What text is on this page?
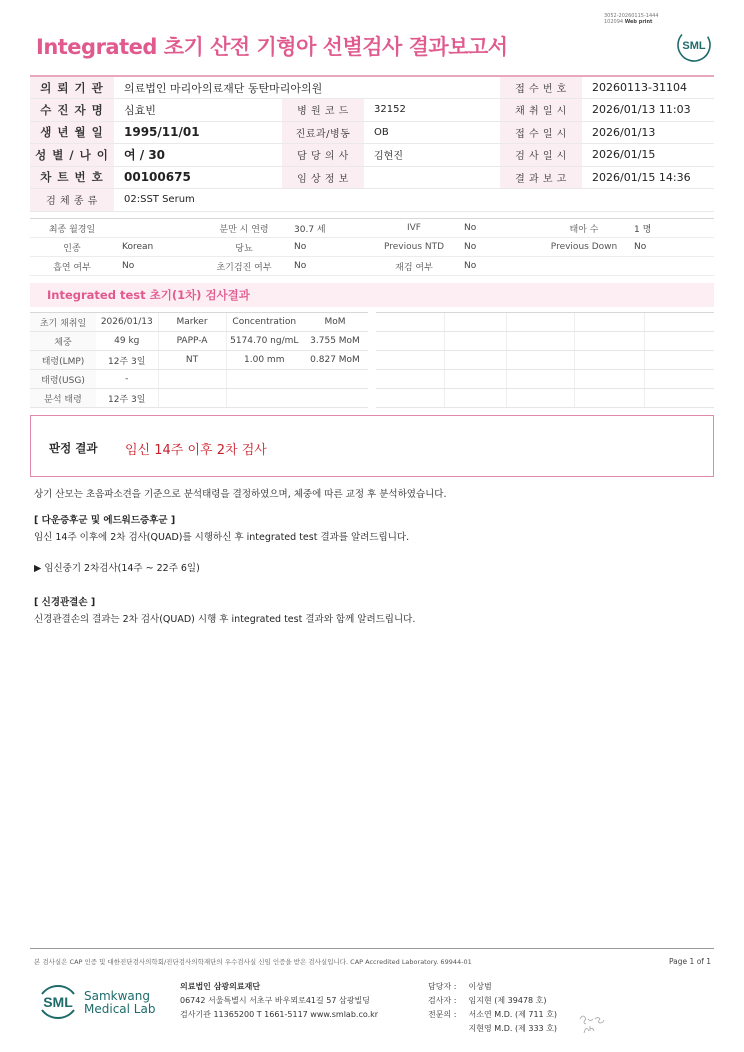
3052-20260115-1444
102094 Web print
Integrated 초기 산전 기형아 선별검사 결과보고서	SML
의 뢰 기 관	의료법인 마리아의료재단 동탄마리아의원			접 수 번 호	20260113-31104
수 진 자 명	심효빈	병 원 코 드	32152	채 취 일 시	2026/01/13 11:03
생 년 월 일	1995/11/01	진료과/병동	OB	접 수 일 시	2026/01/13
성 별 / 나 이	여 / 30	담 당 의 사	김현진	검 사 일 시	2026/01/15
차 트 번 호	00100675	임 상 정 보		결 과 보 고	2026/01/15 14:36
검 체 종 류	02:SST Serum				
최종 월경일		분만 시 연령	30.7 세	IVF	No	태아 수	1 명
인종	Korean	당뇨	No	Previous NTD	No	Previous Down	No
흡연 여부	No	초기검진 여부	No	재검 여부	No		
Integrated test 초기(1차) 검사결과
초기 채취일	2026/01/13	Marker	Concentration	MoM
체중	49 kg	PAPP-A	5174.70 ng/mL	3.755 MoM
태령(LMP)	12주 3일	NT	1.00 mm	0.827 MoM
태령(USG)	-			
분석 태령	12주 3일			

판정 결과 임신 14주 이후 2차 검사
상기 산모는 초음파소견을 기준으로 분석태령을 결정하였으며, 체중에 따른 교정 후 분석하였습니다.
[ 다운증후군 및 에드워드증후군 ]
임신 14주 이후에 2차 검사(QUAD)를 시행하신 후 integrated test 결과를 알려드립니다.
▶ 임신중기 2차검사(14주 ~ 22주 6일)
[ 신경관결손 ]
신경관결손의 결과는 2차 검사(QUAD) 시행 후 integrated test 결과와 함께 알려드립니다.
본 검사실은 CAP 인증 및 대한진단검사의학회/진단검사의학재단의 우수검사실 신임 인증을 받은 검사실입니다. CAP Accredited Laboratory. 69944-01	Page 1 of 1
SML Samkwang
Medical Lab
의료법인 삼광의료재단
06742 서울특별시 서초구 바우뫼로41길 57 삼광빌딩
검사기관 11365200 T 1661-5117 www.smlab.co.kr
담당자 : 이상범
검사자 : 임지현 (제 39478 호)
전문의 : 서소연 M.D. (제 711 호)
지현영 M.D. (제 333 호)
